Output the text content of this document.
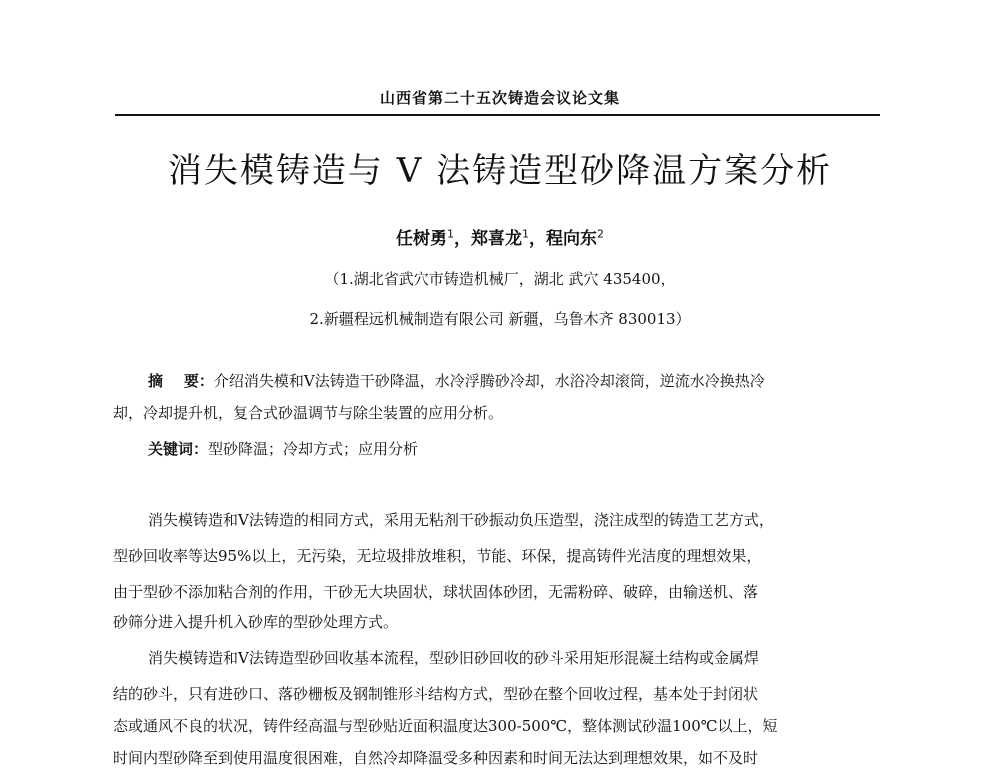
山西省第二十五次铸造会议论文集
消失模铸造与 V 法铸造型砂降温方案分析
任树勇$^1$，郑喜龙$^1$，程向东$^2$
（1.湖北省武穴市铸造机械厂，湖北 武穴 435400，
2.新疆程远机械制造有限公司 新疆，乌鲁木齐 830013）
摘    要：介绍消失模和V法铸造干砂降温，水冷浮腾砂冷却，水浴冷却滚筒，逆流水冷换热冷
却，冷却提升机，复合式砂温调节与除尘装置的应用分析。
关键词：型砂降温；冷却方式；应用分析
消失模铸造和V法铸造的相同方式，采用无粘剂干砂振动负压造型，浇注成型的铸造工艺方式，
型砂回收率等达95%以上，无污染，无垃圾排放堆积，节能、环保，提高铸件光洁度的理想效果，
由于型砂不添加粘合剂的作用，干砂无大块固状，球状固体砂团，无需粉碎、破碎，由输送机、落
砂筛分进入提升机入砂库的型砂处理方式。
消失模铸造和V法铸造型砂回收基本流程，型砂旧砂回收的砂斗采用矩形混凝土结构或金属焊
结的砂斗，只有进砂口、落砂栅板及钢制锥形斗结构方式，型砂在整个回收过程，基本处于封闭状
态或通风不良的状况，铸件经高温与型砂贴近面积温度达300-500℃，整体测试砂温100℃以上，短
时间内型砂降至到使用温度很困难，自然冷却降温受多种因素和时间无法达到理想效果，如不及时
